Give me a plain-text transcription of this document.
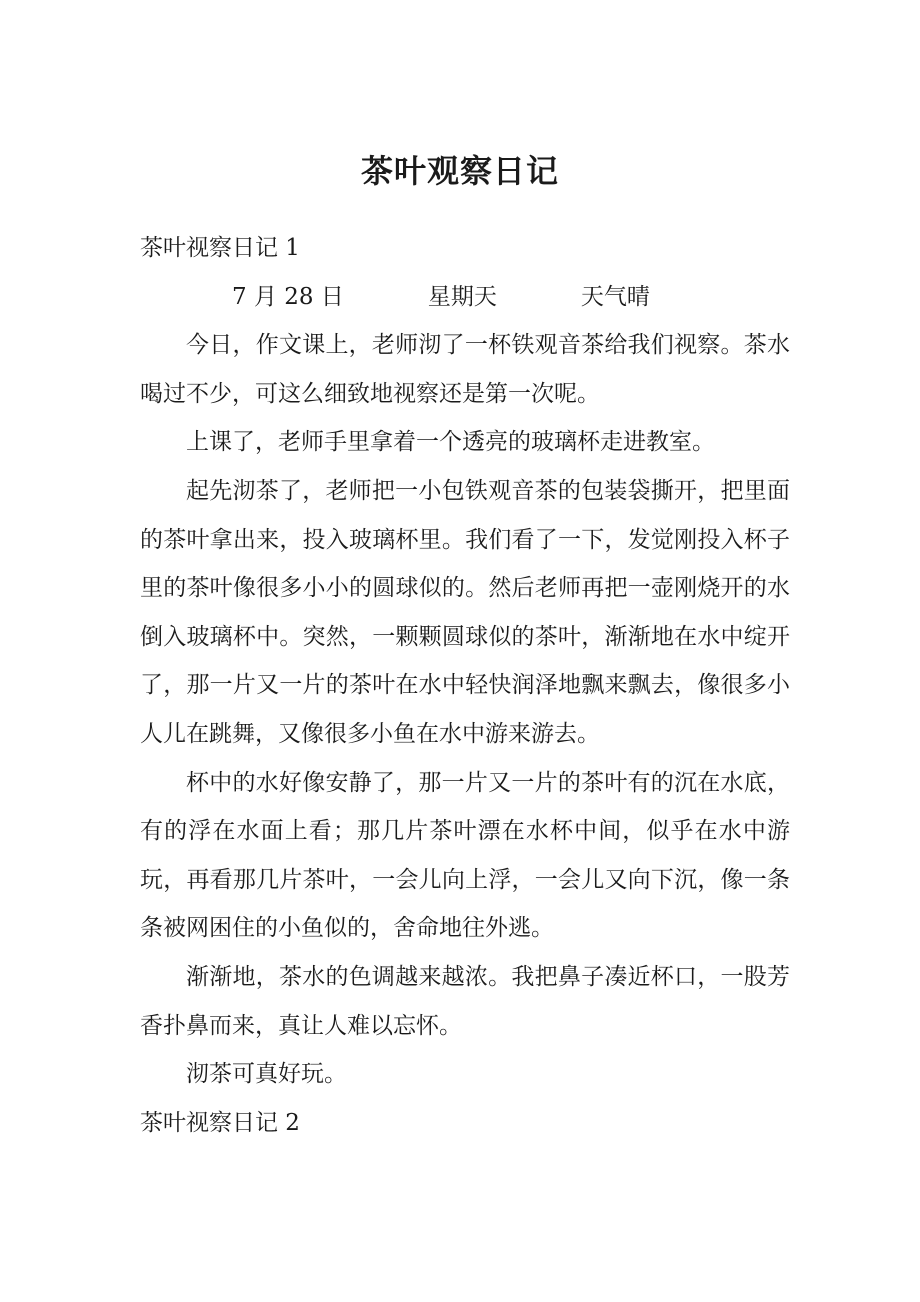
茶叶观察日记

茶叶视察日记 1

7 月 28 日	星期天	天气晴

今日，作文课上，老师沏了一杯铁观音茶给我们视察。茶水喝过不少，可这么细致地视察还是第一次呢。

上课了，老师手里拿着一个透亮的玻璃杯走进教室。

起先沏茶了，老师把一小包铁观音茶的包装袋撕开，把里面的茶叶拿出来，投入玻璃杯里。我们看了一下，发觉刚投入杯子里的茶叶像很多小小的圆球似的。然后老师再把一壶刚烧开的水倒入玻璃杯中。突然，一颗颗圆球似的茶叶，渐渐地在水中绽开了，那一片又一片的茶叶在水中轻快润泽地飘来飘去，像很多小人儿在跳舞，又像很多小鱼在水中游来游去。

杯中的水好像安静了，那一片又一片的茶叶有的沉在水底，有的浮在水面上看；那几片茶叶漂在水杯中间，似乎在水中游玩，再看那几片茶叶，一会儿向上浮，一会儿又向下沉，像一条条被网困住的小鱼似的，舍命地往外逃。

渐渐地，茶水的色调越来越浓。我把鼻子凑近杯口，一股芳香扑鼻而来，真让人难以忘怀。

沏茶可真好玩。

茶叶视察日记 2
